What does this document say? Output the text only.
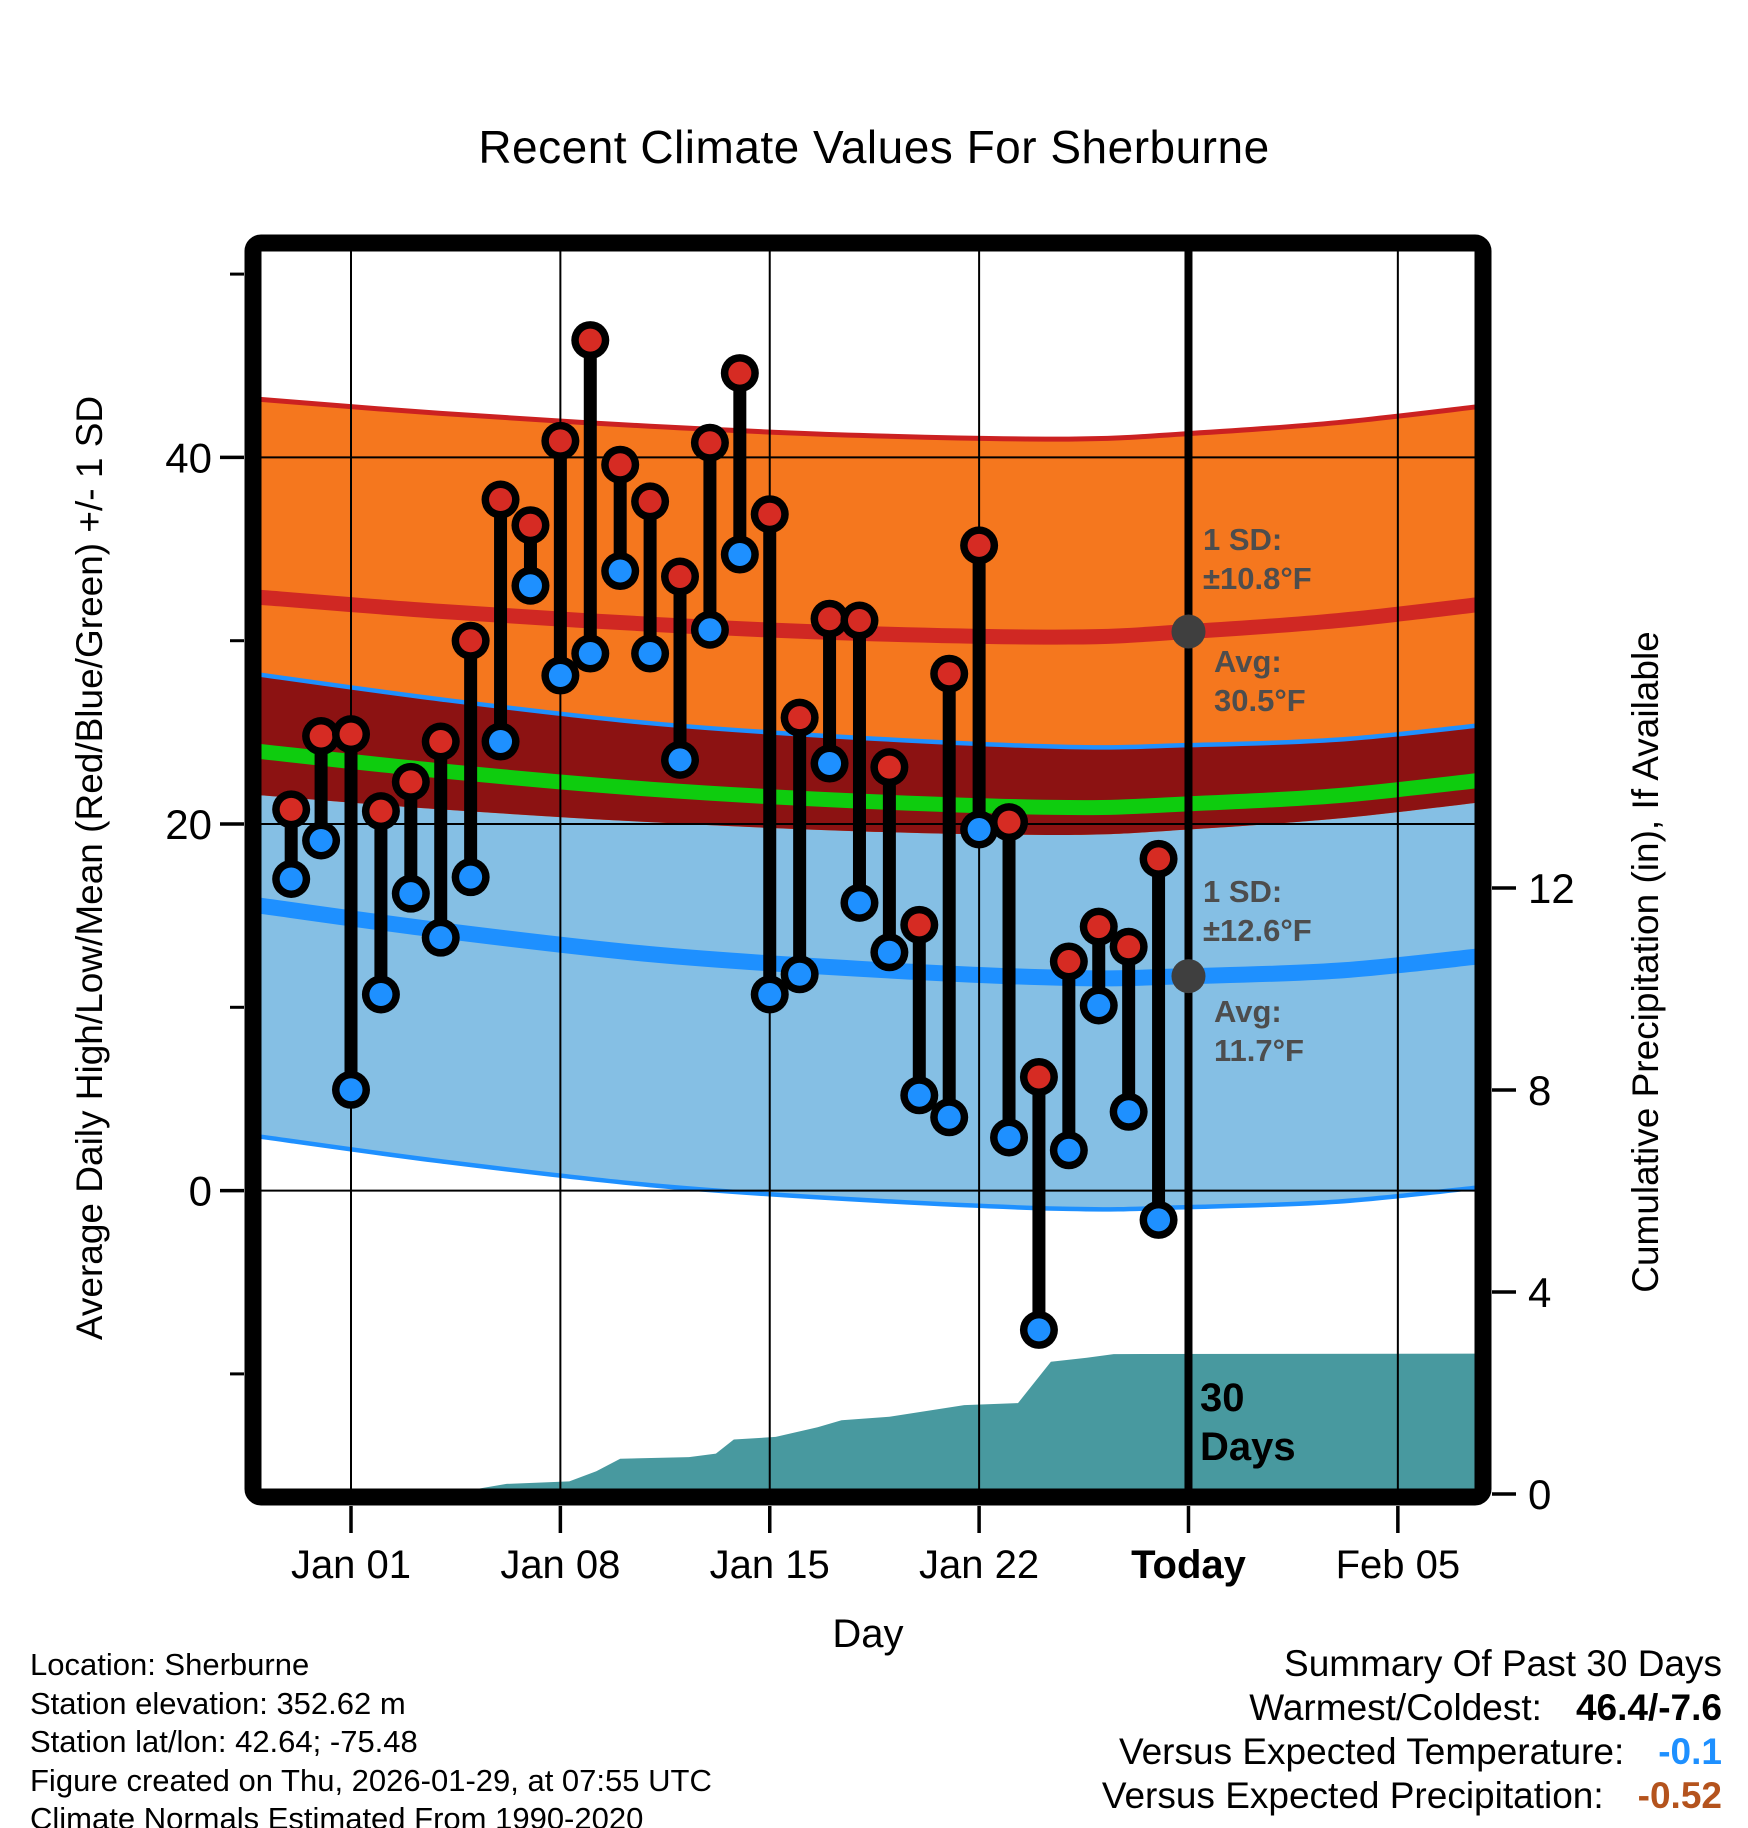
0
20
40
0
4
8
12
Jan 01 Jan 08 Jan 15 Jan 22 Today Feb 05
Recent Climate Values For Sherburne
Average Daily High/Low/Mean (Red/Blue/Green) +/- 1 SD	Cumulative Precipitation (in), If Available
Day
1 SD:
±10.8°F
Avg:
30.5°F
1 SD:
±12.6°F
Avg:
11.7°F
30
Days
Location: Sherburne
Station elevation: 352.62 m
Station lat/lon: 42.64; -75.48
Figure created on Thu, 2026-01-29, at 07:55 UTC
Climate Normals Estimated From 1990-2020
Summary Of Past 30 Days
Warmest/Coldest: 46.4/-7.6
Versus Expected Temperature: -0.1
Versus Expected Precipitation: -0.52
